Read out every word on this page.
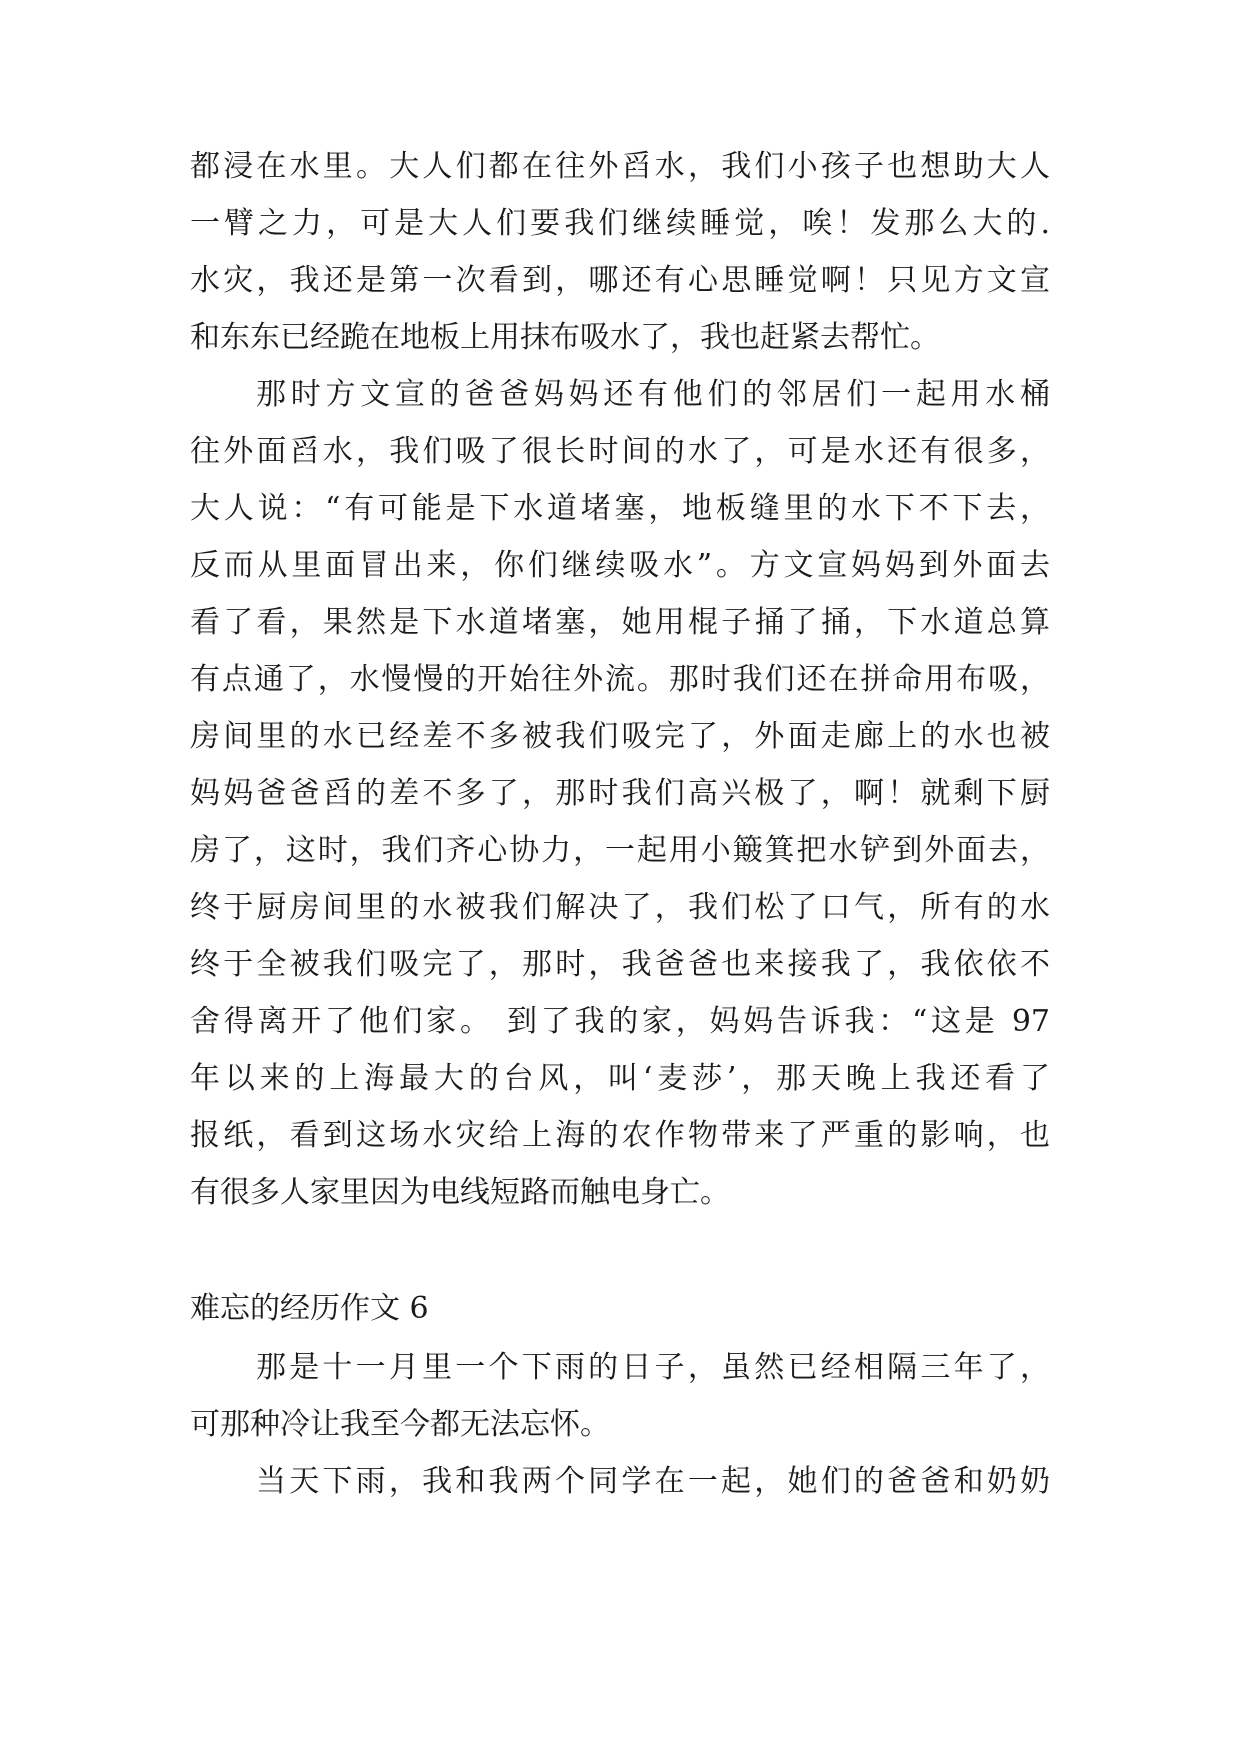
都浸在水里。大人们都在往外舀水，我们小孩子也想助大人
一臂之力，可是大人们要我们继续睡觉，唉！发那么大的.
水灾，我还是第一次看到，哪还有心思睡觉啊！只见方文宣
和东东已经跪在地板上用抹布吸水了，我也赶紧去帮忙。
那时方文宣的爸爸妈妈还有他们的邻居们一起用水桶
往外面舀水，我们吸了很长时间的水了，可是水还有很多，
大人说：“有可能是下水道堵塞，地板缝里的水下不下去，
反而从里面冒出来，你们继续吸水”。方文宣妈妈到外面去
看了看，果然是下水道堵塞，她用棍子捅了捅，下水道总算
有点通了，水慢慢的开始往外流。那时我们还在拼命用布吸，
房间里的水已经差不多被我们吸完了，外面走廊上的水也被
妈妈爸爸舀的差不多了，那时我们高兴极了，啊！就剩下厨
房了，这时，我们齐心协力，一起用小簸箕把水铲到外面去，
终于厨房间里的水被我们解决了，我们松了口气，所有的水
终于全被我们吸完了，那时，我爸爸也来接我了，我依依不
舍得离开了他们家。 到了我的家，妈妈告诉我：“这是 97
年以来的上海最大的台风，叫‘麦莎’，那天晚上我还看了
报纸，看到这场水灾给上海的农作物带来了严重的影响，也
有很多人家里因为电线短路而触电身亡。
难忘的经历作文 6
那是十一月里一个下雨的日子，虽然已经相隔三年了，
可那种冷让我至今都无法忘怀。
当天下雨，我和我两个同学在一起，她们的爸爸和奶奶
